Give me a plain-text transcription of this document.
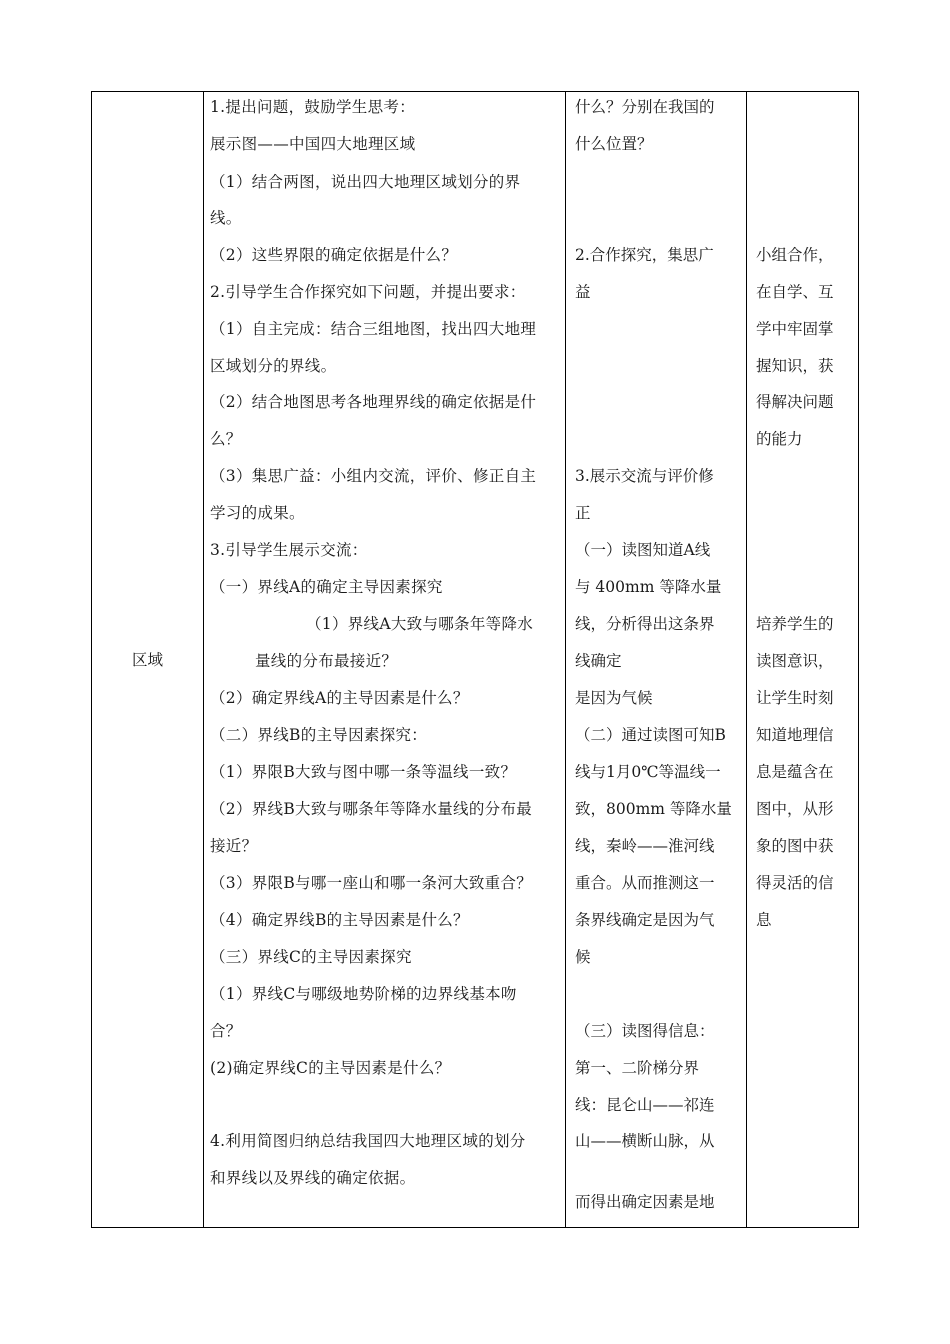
区域
1.提出问题，鼓励学生思考：
展示图——中国四大地理区域
（1）结合两图，说出四大地理区域划分的界
线。
（2）这些界限的确定依据是什么？
2.引导学生合作探究如下问题，并提出要求：
（1）自主完成：结合三组地图，找出四大地理
区域划分的界线。
（2）结合地图思考各地理界线的确定依据是什
么？
（3）集思广益：小组内交流，评价、修正自主
学习的成果。
3.引导学生展示交流：
（一）界线A的确定主导因素探究
（1）界线A大致与哪条年等降水
量线的分布最接近？
（2）确定界线A的主导因素是什么？
（二）界线B的主导因素探究：
（1）界限B大致与图中哪一条等温线一致？
（2）界线B大致与哪条年等降水量线的分布最
接近？
（3）界限B与哪一座山和哪一条河大致重合？
（4）确定界线B的主导因素是什么？
（三）界线C的主导因素探究
（1）界线C与哪级地势阶梯的边界线基本吻
合？
(2)确定界线C的主导因素是什么？
4.利用简图归纳总结我国四大地理区域的划分
和界线以及界线的确定依据。
什么？分别在我国的
什么位置？
2.合作探究，集思广
益
3.展示交流与评价修
正
（一）读图知道A线
与 400mm 等降水量
线，分析得出这条界
线确定
是因为气候
（二）通过读图可知B
线与1月0℃等温线一
致，800mm 等降水量
线，秦岭——淮河线
重合。从而推测这一
条界线确定是因为气
候
（三）读图得信息：
第一、二阶梯分界
线：昆仑山——祁连
山——横断山脉，从
而得出确定因素是地
小组合作，
在自学、互
学中牢固掌
握知识，获
得解决问题
的能力
培养学生的
读图意识，
让学生时刻
知道地理信
息是蕴含在
图中，从形
象的图中获
得灵活的信
息
